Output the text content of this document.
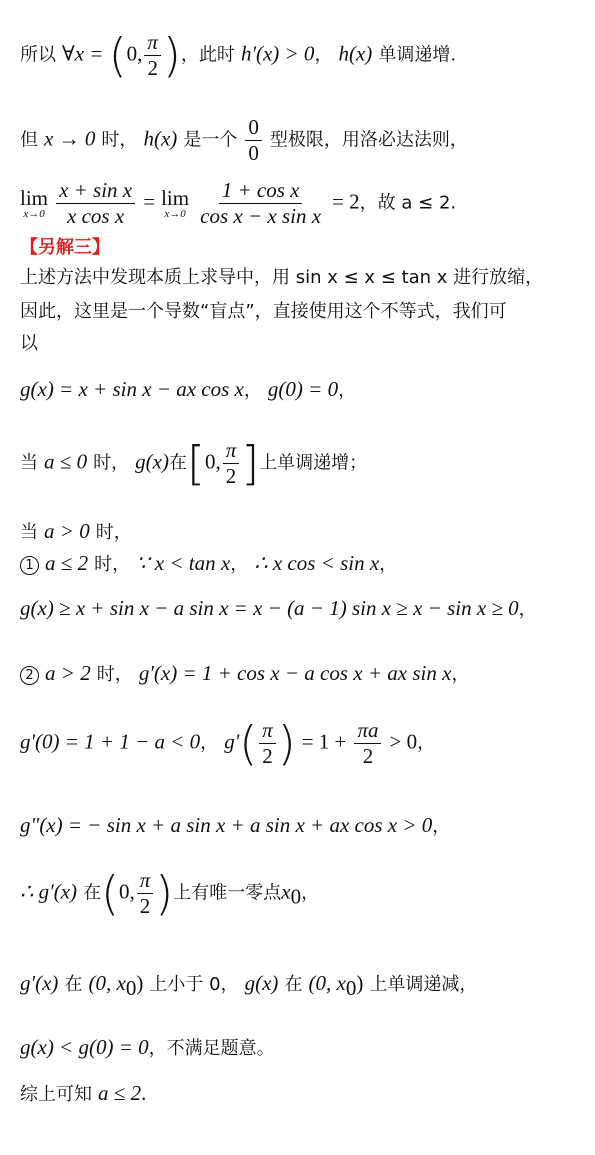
所以 ∀x = (0, $\frac{\pi}{2}$ )，此时 h'(x) > 0， h(x) 单调递增.
但 x → 0 时， h(x) 是一个 $\frac{0}{0}$ 型极限，用洛必达法则，
lim
x→0
$\frac{\text{x + sin x}}{\text{x cos x}} = \lim$
x→0
$\frac{\text{1 + cos x}}{\text{cos x − x sin x}} = 2$，故 a ≤ 2.
【另解三】
上述方法中发现本质上求导中，用 sin x ≤ x ≤ tan x 进行放缩，
因此，这里是一个导数“盲点”，直接使用这个不等式，我们可
以
g(x) = x + sin x − ax cos x， g(0) = 0，
当 a ≤ 0 时， g(x)在[0, $\frac{\pi}{2}$ ]上单调递增；
当 a > 0 时，
1 a ≤ 2 时， ∵ x < tan x， ∴ x cos < sin x，
g(x) ≥ x + sin x − a sin x = x − (a − 1) sin x ≥ x − sin x ≥ 0，
2 a > 2 时， g′(x) = 1 + cos x − a cos x + ax sin x，
g'(0) = 1 + 1 − a < 0， $g'( \frac{\pi}{2}$ ) = $1 + \frac{\pi a}{2} > 0$，
g"(x) = − sin x + a sin x + a sin x + ax cos x > 0，
∴ g′(x) 在(0, $\frac{\pi}{2}$ )上有唯一零点$x_0$，
g′(x) 在 (0, $x_0$) 上小于 0， g(x) 在 (0, $x_0$) 上单调递减，
g(x) < g(0) = 0，不满足题意。
综上可知 a ≤ 2.
